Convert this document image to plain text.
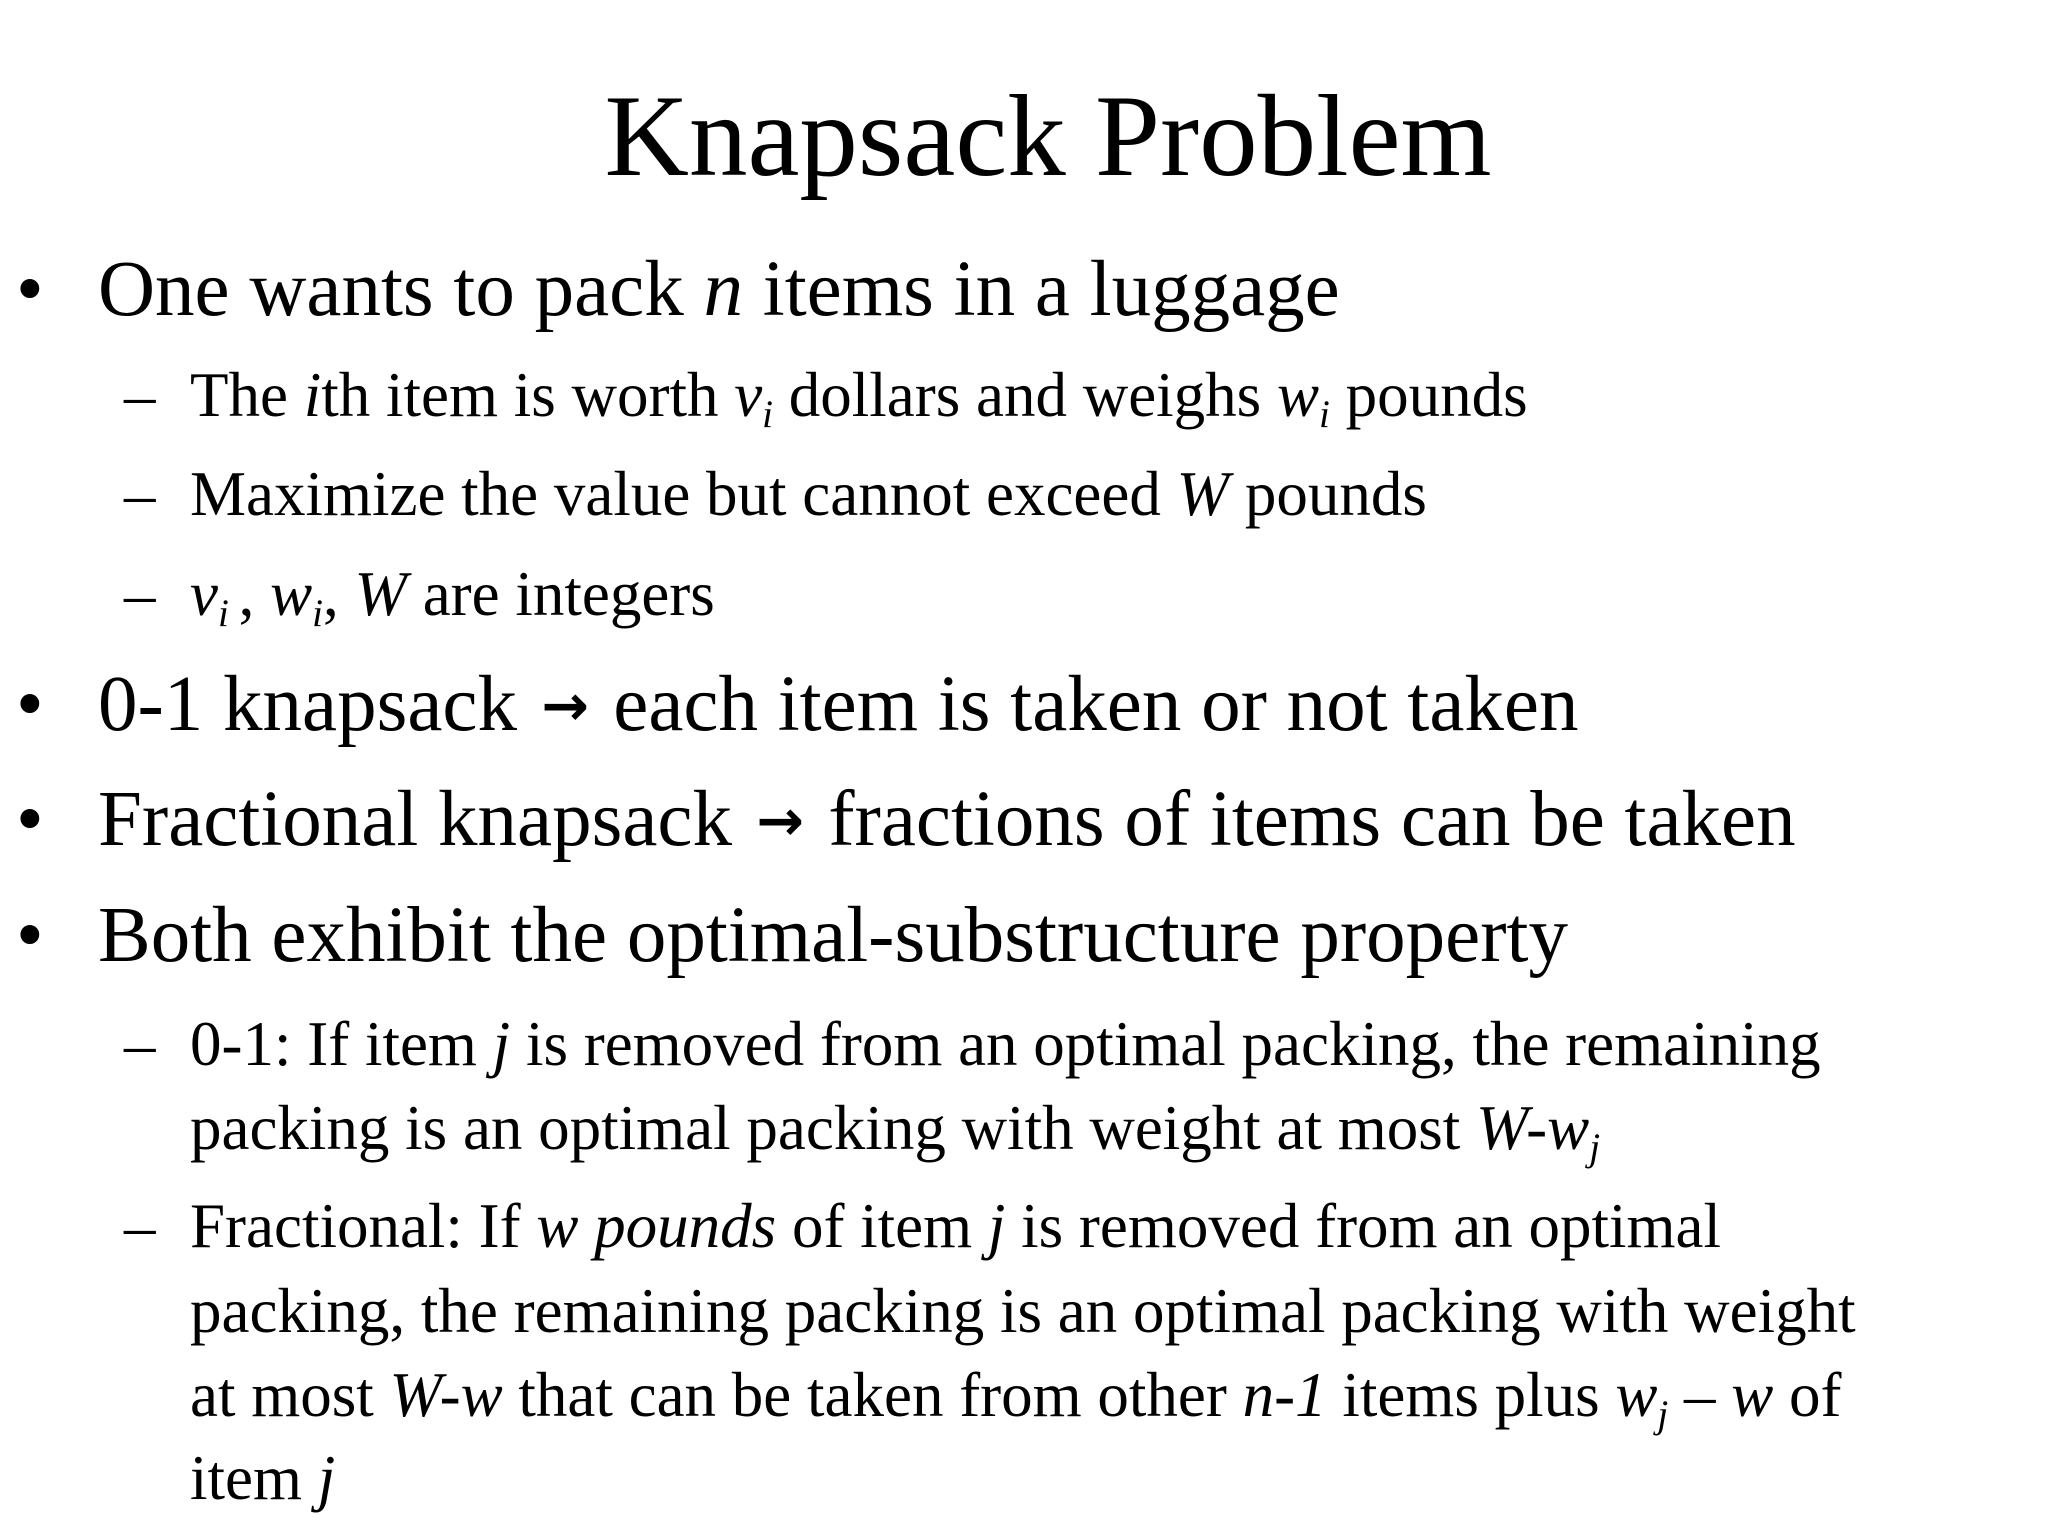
Knapsack Problem
• One wants to pack n items in a luggage
– The ith item is worth $v_i$ dollars and weighs $w_i$ pounds
– Maximize the value but cannot exceed W pounds
– $v_i$ , $w_i$, W are integers
• 0-1 knapsack → each item is taken or not taken
• Fractional knapsack → fractions of items can be taken
• Both exhibit the optimal-substructure property
– 0-1: If item j is removed from an optimal packing, the remaining
packing is an optimal packing with weight at most $W-w_j$
– Fractional: If w pounds of item j is removed from an optimal
packing, the remaining packing is an optimal packing with weight
at most W-w that can be taken from other n-1 items plus $w_j$ – w of
item j
